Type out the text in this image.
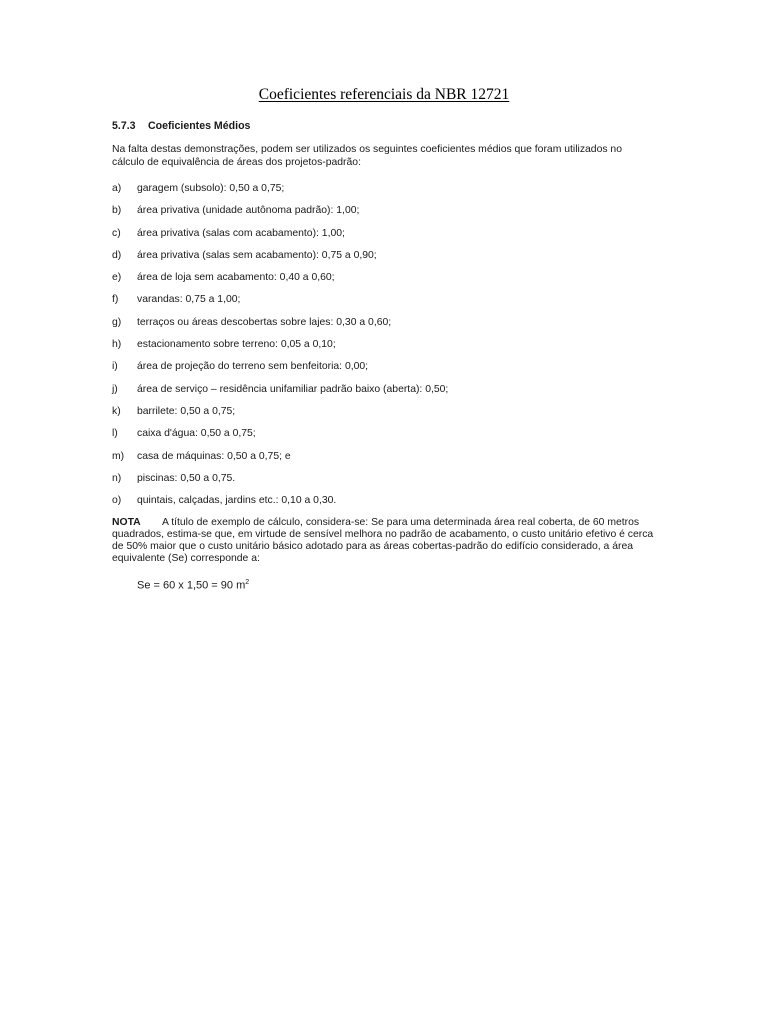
Coeficientes referenciais da NBR 12721
5.7.3	Coeficientes Médios

Na falta destas demonstrações, podem ser utilizados os seguintes coeficientes médios que foram utilizados no cálculo de equivalência de áreas dos projetos-padrão:

a)	garagem (subsolo): 0,50 a 0,75;
b)	área privativa (unidade autônoma padrão): 1,00;
c)	área privativa (salas com acabamento): 1,00;
d)	área privativa (salas sem acabamento): 0,75 a 0,90;
e)	área de loja sem acabamento: 0,40 a 0,60;
f)	varandas: 0,75 a 1,00;
g)	terraços ou áreas descobertas sobre lajes: 0,30 a 0,60;
h)	estacionamento sobre terreno: 0,05 a 0,10;
i)	área de projeção do terreno sem benfeitoria: 0,00;
j)	área de serviço – residência unifamiliar padrão baixo (aberta): 0,50;
k)	barrilete: 0,50 a 0,75;
l)	caixa d'água: 0,50 a 0,75;
m)	casa de máquinas: 0,50 a 0,75; e
n)	piscinas: 0,50 a 0,75.
o)	quintais, calçadas, jardins etc.: 0,10 a 0,30.
NOTA A título de exemplo de cálculo, considera-se: Se para uma determinada área real coberta, de 60 metros quadrados, estima-se que, em virtude de sensível melhora no padrão de acabamento, o custo unitário efetivo é cerca de 50% maior que o custo unitário básico adotado para as áreas cobertas-padrão do edifício considerado, a área equivalente (Se) corresponde a:
Se = 60 x 1,50 = 90 $m^2$
